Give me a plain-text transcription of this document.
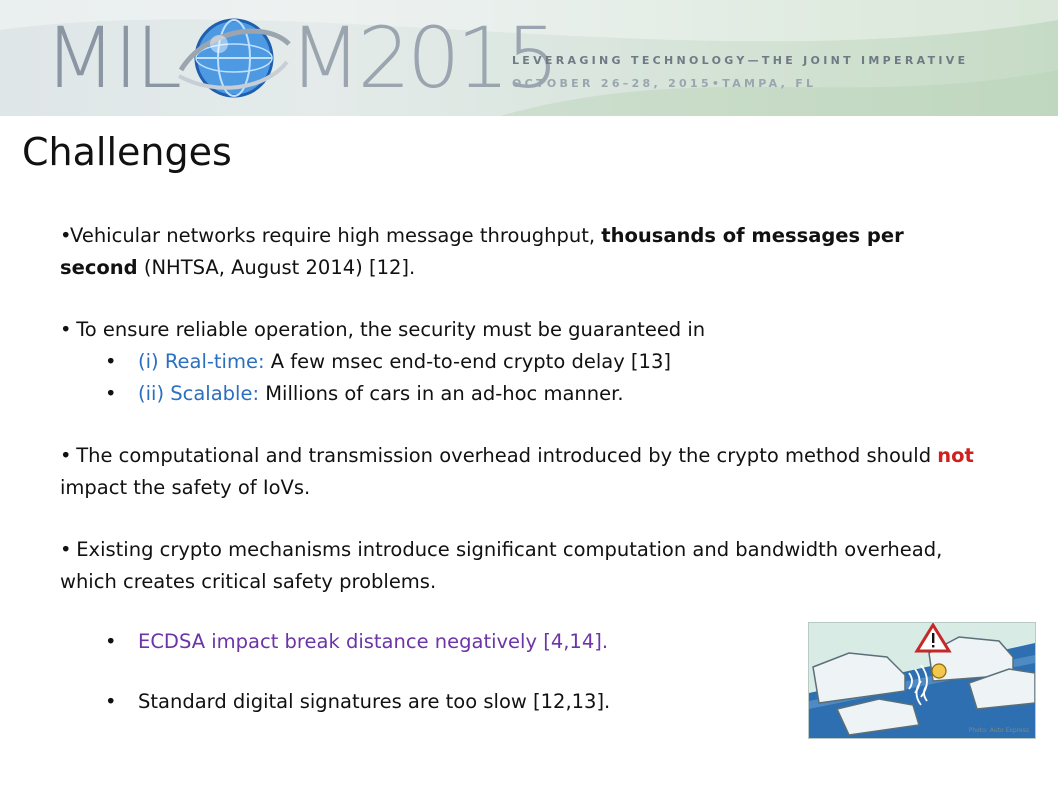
MIL M2015
LEVERAGING TECHNOLOGY—THE JOINT IMPERATIVE
OCTOBER 26–28, 2015•TAMPA, FL
Challenges

•Vehicular networks require high message throughput, thousands of messages per second (NHTSA, August 2014) [12].

• To ensure reliable operation, the security must be guaranteed in

• (i) Real-time: A few msec end-to-end crypto delay [13]

• (ii) Scalable: Millions of cars in an ad-hoc manner.

• The computational and transmission overhead introduced by the crypto method should not impact the safety of IoVs.

• Existing crypto mechanisms introduce significant computation and bandwidth overhead, which creates critical safety problems.

• ECDSA impact break distance negatively [4,14].

• Standard digital signatures are too slow [12,13].

Photo: Auto Express
